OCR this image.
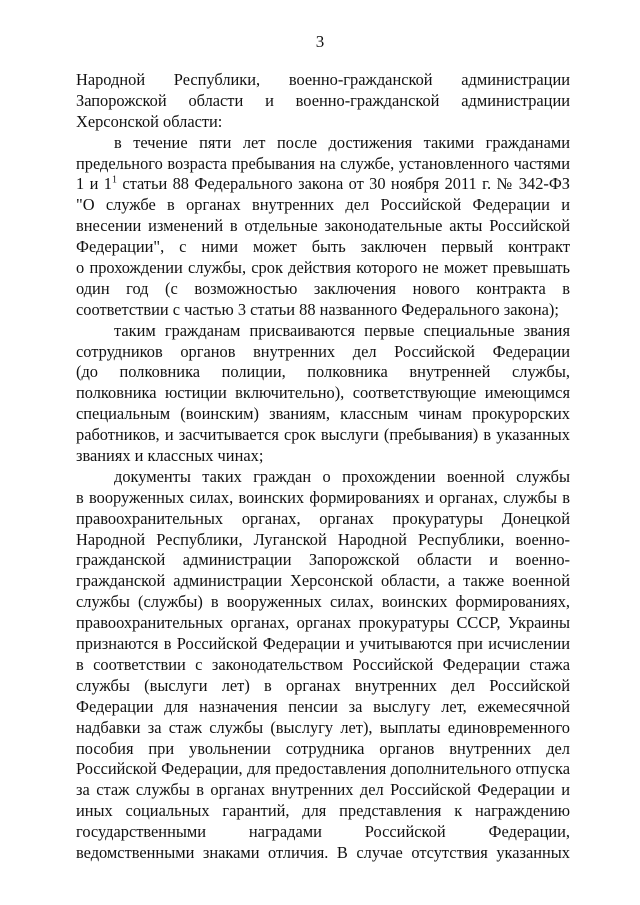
3
Народной Республики, военно-гражданской администрации
Запорожской области и военно-гражданской администрации
Херсонской области:
в течение пяти лет после достижения такими гражданами
предельного возраста пребывания на службе, установленного частями
1 и $1^1$ статьи 88 Федерального закона от 30 ноября 2011 г. № 342-ФЗ
"О службе в органах внутренних дел Российской Федерации и
внесении изменений в отдельные законодательные акты Российской
Федерации", с ними может быть заключен первый контракт
о прохождении службы, срок действия которого не может превышать
один год (с возможностью заключения нового контракта в
соответствии с частью 3 статьи 88 названного Федерального закона);
таким гражданам присваиваются первые специальные звания
сотрудников органов внутренних дел Российской Федерации
(до полковника полиции, полковника внутренней службы,
полковника юстиции включительно), соответствующие имеющимся
специальным (воинским) званиям, классным чинам прокурорских
работников, и засчитывается срок выслуги (пребывания) в указанных
званиях и классных чинах;
документы таких граждан о прохождении военной службы
в вооруженных силах, воинских формированиях и органах, службы в
правоохранительных органах, органах прокуратуры Донецкой
Народной Республики, Луганской Народной Республики, военно-
гражданской администрации Запорожской области и военно-
гражданской администрации Херсонской области, а также военной
службы (службы) в вооруженных силах, воинских формированиях,
правоохранительных органах, органах прокуратуры СССР, Украины
признаются в Российской Федерации и учитываются при исчислении
в соответствии с законодательством Российской Федерации стажа
службы (выслуги лет) в органах внутренних дел Российской
Федерации для назначения пенсии за выслугу лет, ежемесячной
надбавки за стаж службы (выслугу лет), выплаты единовременного
пособия при увольнении сотрудника органов внутренних дел
Российской Федерации, для предоставления дополнительного отпуска
за стаж службы в органах внутренних дел Российской Федерации и
иных социальных гарантий, для представления к награждению
государственными наградами Российской Федерации,
ведомственными знаками отличия. В случае отсутствия указанных
